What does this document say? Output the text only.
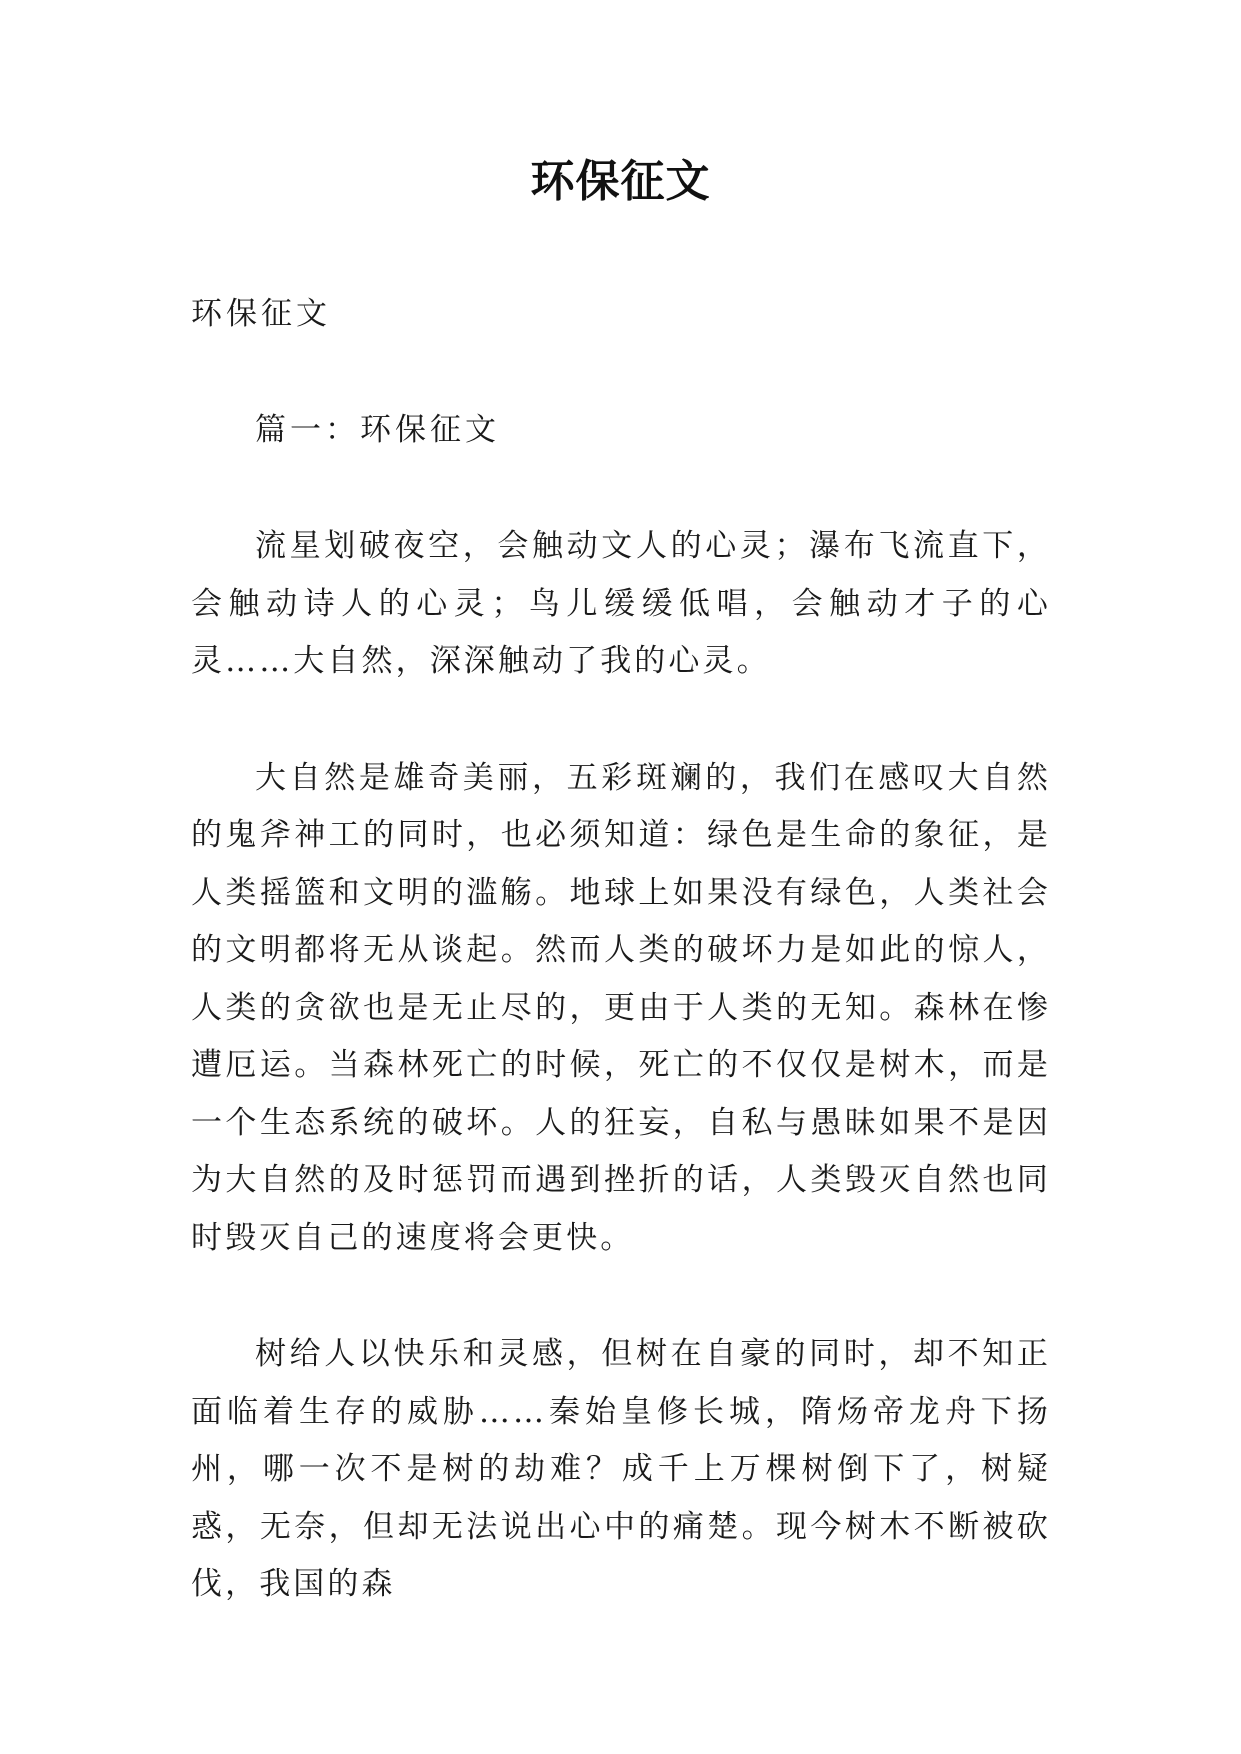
环保征文

环保征文

篇一：环保征文

流星划破夜空，会触动文人的心灵；瀑布飞流直下，会触动诗人的心灵；鸟儿缓缓低唱，会触动才子的心灵……大自然，深深触动了我的心灵。

大自然是雄奇美丽，五彩斑斓的，我们在感叹大自然的鬼斧神工的同时，也必须知道：绿色是生命的象征，是人类摇篮和文明的滥觞。地球上如果没有绿色，人类社会的文明都将无从谈起。然而人类的破坏力是如此的惊人，人类的贪欲也是无止尽的，更由于人类的无知。森林在惨遭厄运。当森林死亡的时候，死亡的不仅仅是树木，而是一个生态系统的破坏。人的狂妄，自私与愚昧如果不是因为大自然的及时惩罚而遇到挫折的话，人类毁灭自然也同时毁灭自己的速度将会更快。

树给人以快乐和灵感，但树在自豪的同时，却不知正面临着生存的威胁……秦始皇修长城，隋炀帝龙舟下扬州，哪一次不是树的劫难？成千上万棵树倒下了，树疑惑，无奈，但却无法说出心中的痛楚。现今树木不断被砍伐，我国的森
